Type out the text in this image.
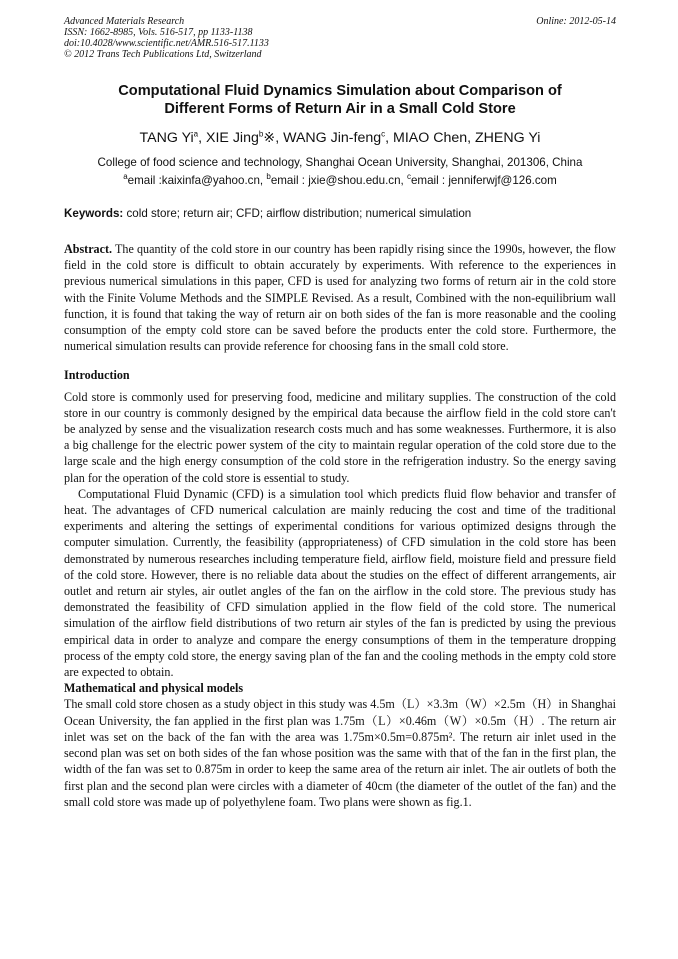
Advanced Materials Research
ISSN: 1662-8985, Vols. 516-517, pp 1133-1138
doi:10.4028/www.scientific.net/AMR.516-517.1133
© 2012 Trans Tech Publications Ltd, Switzerland
Online: 2012-05-14
Computational Fluid Dynamics Simulation about Comparison of
Different Forms of Return Air in a Small Cold Store
TANG Yi$^a$, XIE Jing$^b$※, WANG Jin-feng$^c$, MIAO Chen, ZHENG Yi
College of food science and technology, Shanghai Ocean University, Shanghai, 201306, China
$^a$email :kaixinfa@yahoo.cn, $^b$email : jxie@shou.edu.cn, $^c$email : jenniferwjf@126.com
Keywords: cold store; return air; CFD; airflow distribution; numerical simulation
Abstract. The quantity of the cold store in our country has been rapidly rising since the 1990s, however, the flow field in the cold store is difficult to obtain accurately by experiments. With reference to the experiences in previous numerical simulations in this paper, CFD is used for analyzing two forms of return air in the cold store with the Finite Volume Methods and the SIMPLE Revised. As a result, Combined with the non-equilibrium wall function, it is found that taking the way of return air on both sides of the fan is more reasonable and the cooling consumption of the empty cold store can be saved before the products enter the cold store. Furthermore, the numerical simulation results can provide reference for choosing fans in the small cold store.
Introduction
Cold store is commonly used for preserving food, medicine and military supplies. The construction of the cold store in our country is commonly designed by the empirical data because the airflow field in the cold store can't be analyzed by sense and the visualization research costs much and has some weaknesses. Furthermore, it is also a big challenge for the electric power system of the city to maintain regular operation of the cold store due to the large scale and the high energy consumption of the cold store in the refrigeration industry. So the energy saving plan for the operation of the cold store is essential to study.
Computational Fluid Dynamic (CFD) is a simulation tool which predicts fluid flow behavior and transfer of heat. The advantages of CFD numerical calculation are mainly reducing the cost and time of the traditional experiments and altering the settings of experimental conditions for various optimized designs through the computer simulation. Currently, the feasibility (appropriateness) of CFD simulation in the cold store has been demonstrated by numerous researches including temperature field, airflow field, moisture field and pressure field of the cold store. However, there is no reliable data about the studies on the effect of different arrangements, air outlet and return air styles, air outlet angles of the fan on the airflow in the cold store. The previous study has demonstrated the feasibility of CFD simulation applied in the flow field of the cold store. The numerical simulation of the airflow field distributions of two return air styles of the fan is predicted by using the previous empirical data in order to analyze and compare the energy consumptions of them in the temperature dropping process of the empty cold store, the energy saving plan of the fan and the cooling methods in the empty cold store are expected to obtain.
Mathematical and physical models
The small cold store chosen as a study object in this study was 4.5m（L）×3.3m（W）×2.5m（H）in Shanghai Ocean University, the fan applied in the first plan was 1.75m（L）×0.46m（W）×0.5m（H）. The return air inlet was set on the back of the fan with the area was 1.75m×0.5m=0.875m². The return air inlet used in the second plan was set on both sides of the fan whose position was the same with that of the fan in the first plan, the width of the fan was set to 0.875m in order to keep the same area of the return air inlet. The air outlets of both the first plan and the second plan were circles with a diameter of 40cm (the diameter of the outlet of the fan) and the small cold store was made up of polyethylene foam. Two plans were shown as fig.1.
